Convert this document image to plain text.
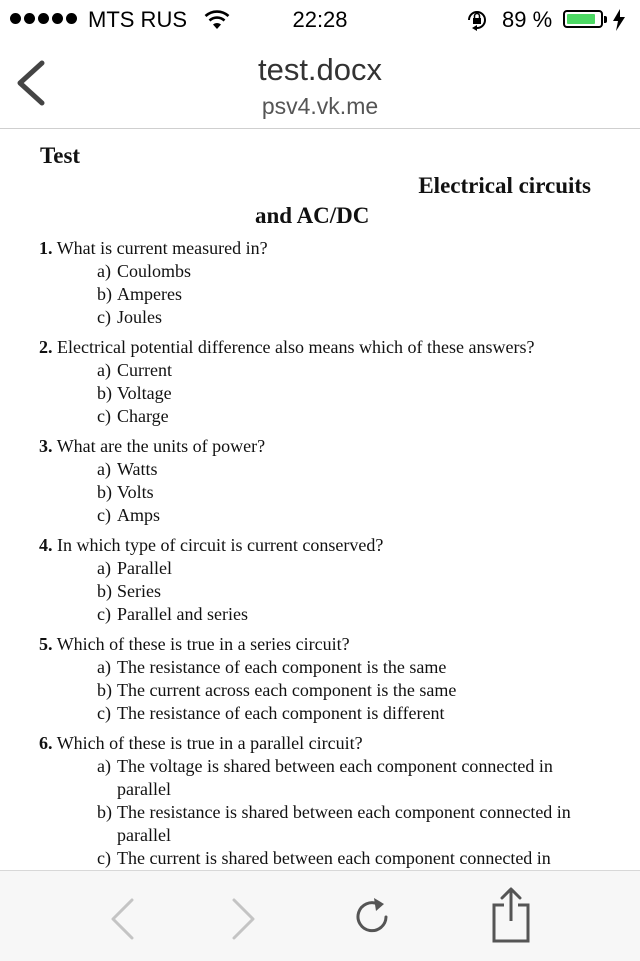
MTS RUS	22:28	89 %
test.docx
psv4.vk.me
Test
Electrical circuits
and AC/DC
1. What is current measured in?
a) Coulombs
b) Amperes
c) Joules
2. Electrical potential difference also means which of these answers?
a) Current
b) Voltage
c) Charge
3. What are the units of power?
a) Watts
b) Volts
c) Amps
4. In which type of circuit is current conserved?
a) Parallel
b) Series
c) Parallel and series
5. Which of these is true in a series circuit?
a) The resistance of each component is the same
b) The current across each component is the same
c) The resistance of each component is different
6. Which of these is true in a parallel circuit?
a) The voltage is shared between each component connected in parallel
b) The resistance is shared between each component connected in parallel
c) The current is shared between each component connected in
